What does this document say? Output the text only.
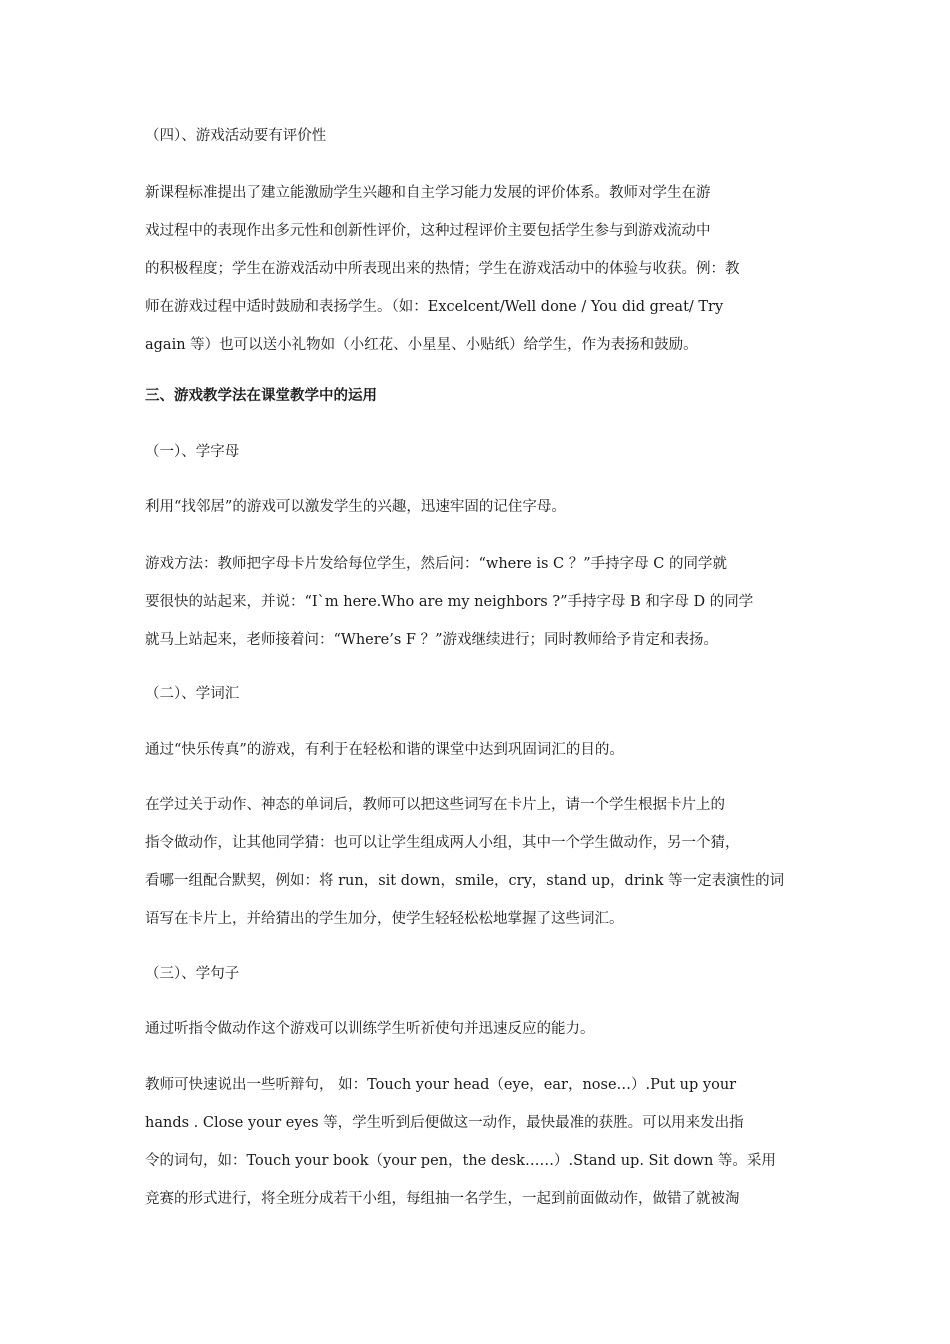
（四）、游戏活动要有评价性

新课程标准提出了建立能激励学生兴趣和自主学习能力发展的评价体系。教师对学生在游
戏过程中的表现作出多元性和创新性评价，这种过程评价主要包括学生参与到游戏流动中
的积极程度；学生在游戏活动中所表现出来的热情；学生在游戏活动中的体验与收获。例：教
师在游戏过程中适时鼓励和表扬学生。（如：Excelcent/Well done / You did great/ Try
again 等）也可以送小礼物如（小红花、小星星、小贴纸）给学生，作为表扬和鼓励。

三、游戏教学法在课堂教学中的运用

（一）、学字母

利用“找邻居”的游戏可以激发学生的兴趣，迅速牢固的记住字母。
游戏方法：教师把字母卡片发给每位学生，然后问：“where is C ？”手持字母 C 的同学就
要很快的站起来，并说：“I`m here.Who are my neighbors ?”手持字母 B 和字母 D 的同学
就马上站起来，老师接着问：“Where’s F ？”游戏继续进行；同时教师给予肯定和表扬。

（二）、学词汇

通过“快乐传真”的游戏，有利于在轻松和谐的课堂中达到巩固词汇的目的。
在学过关于动作、神态的单词后，教师可以把这些词写在卡片上，请一个学生根据卡片上的
指令做动作，让其他同学猜：也可以让学生组成两人小组，其中一个学生做动作，另一个猜，
看哪一组配合默契，例如：将 run，sit down，smile，cry，stand up，drink 等一定表演性的词
语写在卡片上，并给猜出的学生加分，使学生轻轻松松地掌握了这些词汇。

（三）、学句子

通过听指令做动作这个游戏可以训练学生听祈使句并迅速反应的能力。
教师可快速说出一些听辩句， 如：Touch your head（eye，ear，nose…）.Put up your
hands . Close your eyes 等，学生听到后便做这一动作，最快最准的获胜。可以用来发出指
令的词句，如：Touch your book（your pen，the desk……）.Stand up. Sit down 等。采用
竞赛的形式进行，将全班分成若干小组，每组抽一名学生，一起到前面做动作，做错了就被淘
